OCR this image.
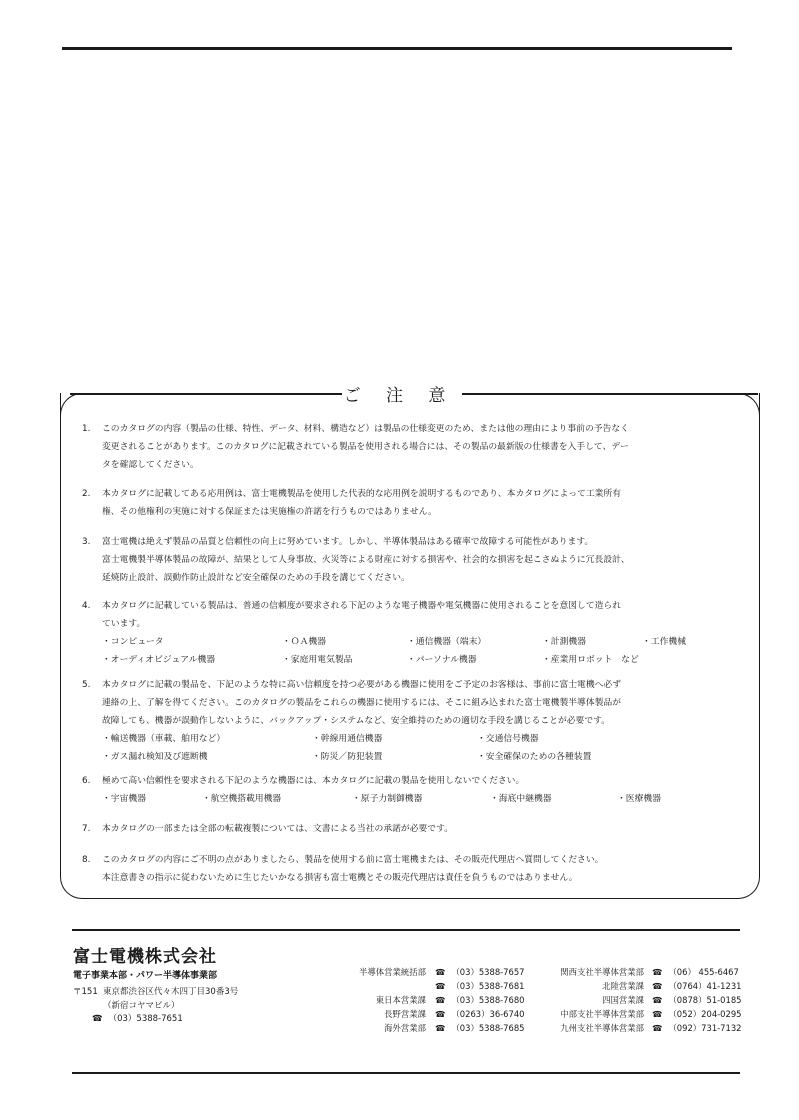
ご 注 意
1.	このカタログの内容（製品の仕様、特性、データ、材料、構造など）は製品の仕様変更のため、または他の理由により事前の予告なく
変更されることがあります。このカタログに記載されている製品を使用される場合には、その製品の最新版の仕様書を入手して、デー
タを確認してください。
2.	本カタログに記載してある応用例は、富士電機製品を使用した代表的な応用例を説明するものであり、本カタログによって工業所有
権、その他権利の実施に対する保証または実施権の許諾を行うものではありません。
3.	富士電機は絶えず製品の品質と信頼性の向上に努めています。しかし、半導体製品はある確率で故障する可能性があります。
富士電機製半導体製品の故障が、結果として人身事故、火災等による財産に対する損害や、社会的な損害を起こさぬように冗長設計、
延焼防止設計、誤動作防止設計など安全確保のための手段を講じてください。
4.	本カタログに記載している製品は、普通の信頼度が要求される下記のような電子機器や電気機器に使用されることを意図して造られ
ています。
・コンピュータ	・ＯＡ機器	・通信機器（端末）	・計測機器	・工作機械
・オーディオビジュアル機器	・家庭用電気製品	・パーソナル機器	・産業用ロボット　など
5.	本カタログに記載の製品を、下記のような特に高い信頼度を持つ必要がある機器に使用をご予定のお客様は、事前に富士電機へ必ず
連絡の上、了解を得てください。このカタログの製品をこれらの機器に使用するには、そこに組み込まれた富士電機製半導体製品が
故障しても、機器が誤動作しないように、バックアップ・システムなど、安全維持のための適切な手段を講じることが必要です。
・輸送機器（車載、舶用など）	・幹線用通信機器	・交通信号機器
・ガス漏れ検知及び遮断機	・防災／防犯装置	・安全確保のための各種装置
6.	極めて高い信頼性を要求される下記のような機器には、本カタログに記載の製品を使用しないでください。
・宇宙機器	・航空機搭載用機器	・原子力制御機器	・海底中継機器	・医療機器
7.	本カタログの一部または全部の転載複製については、文書による当社の承諾が必要です。
8.	このカタログの内容にご不明の点がありましたら、製品を使用する前に富士電機または、その販売代理店へ質問してください。
本注意書きの指示に従わないために生じたいかなる損害も富士電機とその販売代理店は責任を負うものではありません。
富士電機株式会社
電子事業本部・パワー半導体事業部
〒151 東京都渋谷区代々木四丁目30番3号
（新宿コヤマビル）
☎ （03）5388-7651
半導体営業統括部 ☎ （03）5388-7657
☎ （03）5388-7681
東日本営業課 ☎ （03）5388-7680
長野営業課 ☎ （0263）36-6740
海外営業部 ☎ （03）5388-7685
関西支社半導体営業部 ☎ （06） 455-6467
北陸営業課 ☎ （0764）41-1231
四国営業課 ☎ （0878）51-0185
中部支社半導体営業部 ☎ （052）204-0295
九州支社半導体営業部 ☎ （092）731-7132
